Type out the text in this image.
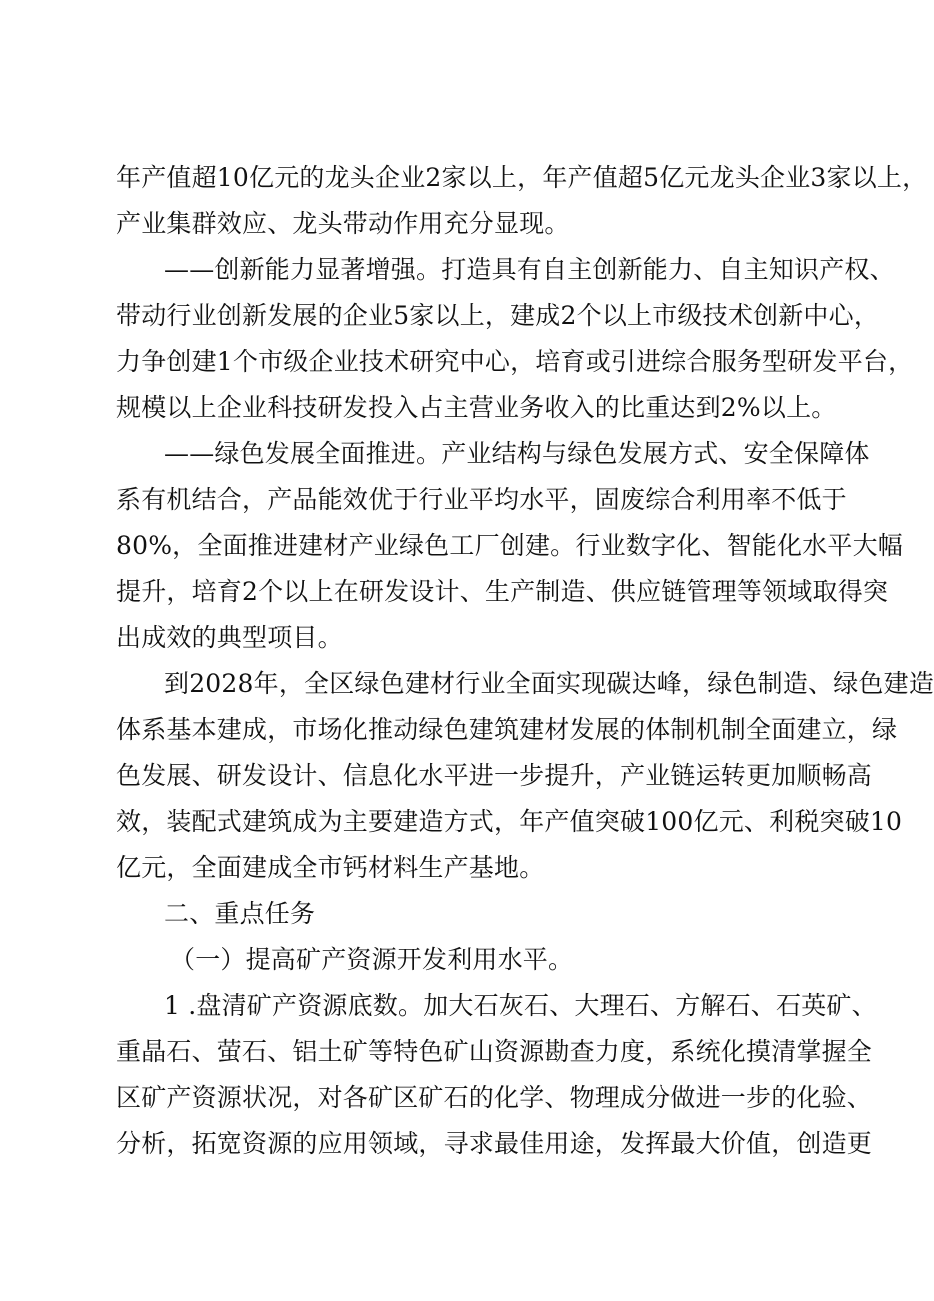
年产值超10亿元的龙头企业2家以上，年产值超5亿元龙头企业3家以上，
产业集群效应、龙头带动作用充分显现。
——创新能力显著增强。打造具有自主创新能力、自主知识产权、
带动行业创新发展的企业5家以上，建成2个以上市级技术创新中心，
力争创建1个市级企业技术研究中心，培育或引进综合服务型研发平台，
规模以上企业科技研发投入占主营业务收入的比重达到2%以上。
——绿色发展全面推进。产业结构与绿色发展方式、安全保障体
系有机结合，产品能效优于行业平均水平，固废综合利用率不低于
80%，全面推进建材产业绿色工厂创建。行业数字化、智能化水平大幅
提升，培育2个以上在研发设计、生产制造、供应链管理等领域取得突
出成效的典型项目。
到2028年，全区绿色建材行业全面实现碳达峰，绿色制造、绿色建造
体系基本建成，市场化推动绿色建筑建材发展的体制机制全面建立，绿
色发展、研发设计、信息化水平进一步提升，产业链运转更加顺畅高
效，装配式建筑成为主要建造方式，年产值突破100亿元、利税突破10
亿元，全面建成全市钙材料生产基地。
二、重点任务
（一）提高矿产资源开发利用水平。
1 .盘清矿产资源底数。加大石灰石、大理石、方解石、石英矿、
重晶石、萤石、铝土矿等特色矿山资源勘查力度，系统化摸清掌握全
区矿产资源状况，对各矿区矿石的化学、物理成分做进一步的化验、
分析，拓宽资源的应用领域，寻求最佳用途，发挥最大价值，创造更
